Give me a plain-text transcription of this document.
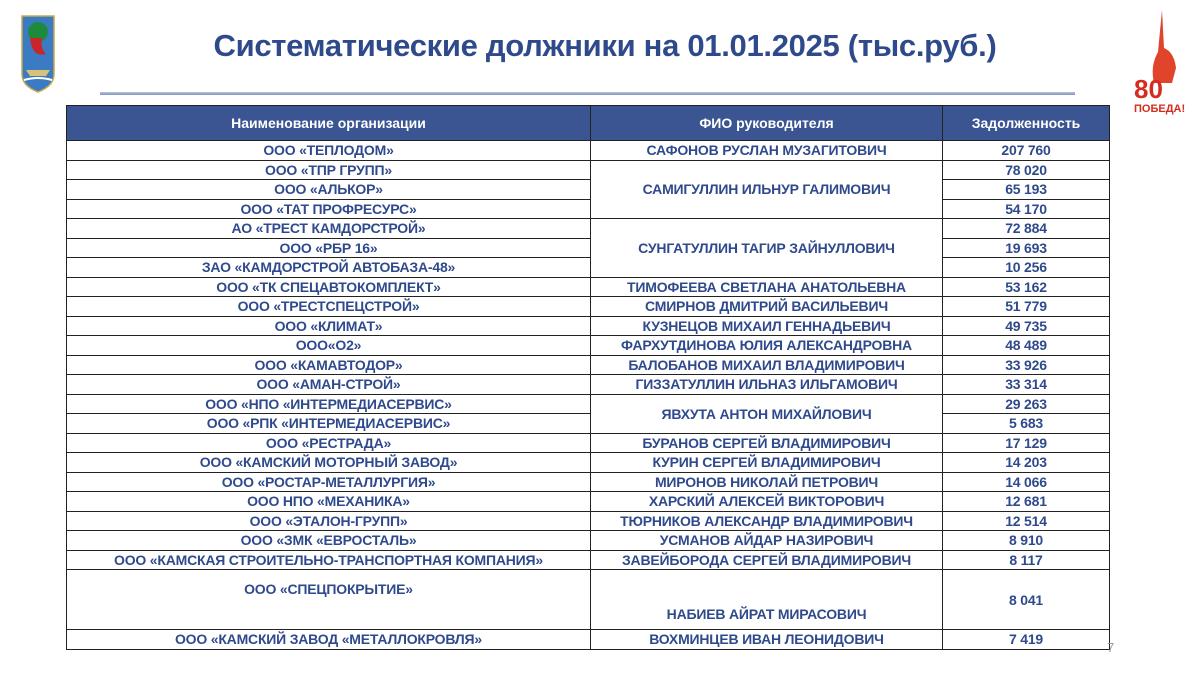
Систематические должники на 01.01.2025 (тыс.руб.)
80
ПОБЕДА!
Наименование организации	ФИО руководителя	Задолженность
ООО «ТЕПЛОДОМ»	САФОНОВ РУСЛАН МУЗАГИТОВИЧ	207 760
ООО «ТПР ГРУПП»	САМИГУЛЛИН ИЛЬНУР ГАЛИМОВИЧ	78 020
ООО «АЛЬКОР»		65 193
ООО «ТАТ ПРОФРЕСУРС»		54 170
АО «ТРЕСТ КАМДОРСТРОЙ»	СУНГАТУЛЛИН ТАГИР ЗАЙНУЛЛОВИЧ	72 884
ООО «РБР 16»		19 693
ЗАО «КАМДОРСТРОЙ АВТОБАЗА-48»		10 256
ООО «ТК СПЕЦАВТОКОМПЛЕКТ»	ТИМОФЕЕВА СВЕТЛАНА АНАТОЛЬЕВНА	53 162
ООО «ТРЕСТСПЕЦСТРОЙ»	СМИРНОВ ДМИТРИЙ ВАСИЛЬЕВИЧ	51 779
ООО «КЛИМАТ»	КУЗНЕЦОВ МИХАИЛ ГЕННАДЬЕВИЧ	49 735
ООО«О2»	ФАРХУТДИНОВА ЮЛИЯ АЛЕКСАНДРОВНА	48 489
ООО «КАМАВТОДОР»	БАЛОБАНОВ МИХАИЛ ВЛАДИМИРОВИЧ	33 926
ООО «АМАН-СТРОЙ»	ГИЗЗАТУЛЛИН ИЛЬНАЗ ИЛЬГАМОВИЧ	33 314
ООО «НПО «ИНТЕРМЕДИАСЕРВИС»	ЯВХУТА АНТОН МИХАЙЛОВИЧ	29 263
ООО «РПК «ИНТЕРМЕДИАСЕРВИС»		5 683
ООО «РЕСТРАДА»	БУРАНОВ СЕРГЕЙ ВЛАДИМИРОВИЧ	17 129
ООО «КАМСКИЙ МОТОРНЫЙ ЗАВОД»	КУРИН СЕРГЕЙ ВЛАДИМИРОВИЧ	14 203
ООО «РОСТАР-МЕТАЛЛУРГИЯ»	МИРОНОВ НИКОЛАЙ ПЕТРОВИЧ	14 066
ООО НПО «МЕХАНИКА»	ХАРСКИЙ АЛЕКСЕЙ ВИКТОРОВИЧ	12 681
ООО «ЭТАЛОН-ГРУПП»	ТЮРНИКОВ АЛЕКСАНДР ВЛАДИМИРОВИЧ	12 514
ООО «ЗМК «ЕВРОСТАЛЬ»	УСМАНОВ АЙДАР НАЗИРОВИЧ	8 910
ООО «КАМСКАЯ СТРОИТЕЛЬНО-ТРАНСПОРТНАЯ КОМПАНИЯ»	ЗАВЕЙБОРОДА СЕРГЕЙ ВЛАДИМИРОВИЧ	8 117
ООО «СПЕЦПОКРЫТИЕ»	НАБИЕВ АЙРАТ МИРАСОВИЧ	8 041
ООО «КАМСКИЙ ЗАВОД «МЕТАЛЛОКРОВЛЯ»	ВОХМИНЦЕВ ИВАН ЛЕОНИДОВИЧ	7 419
7
